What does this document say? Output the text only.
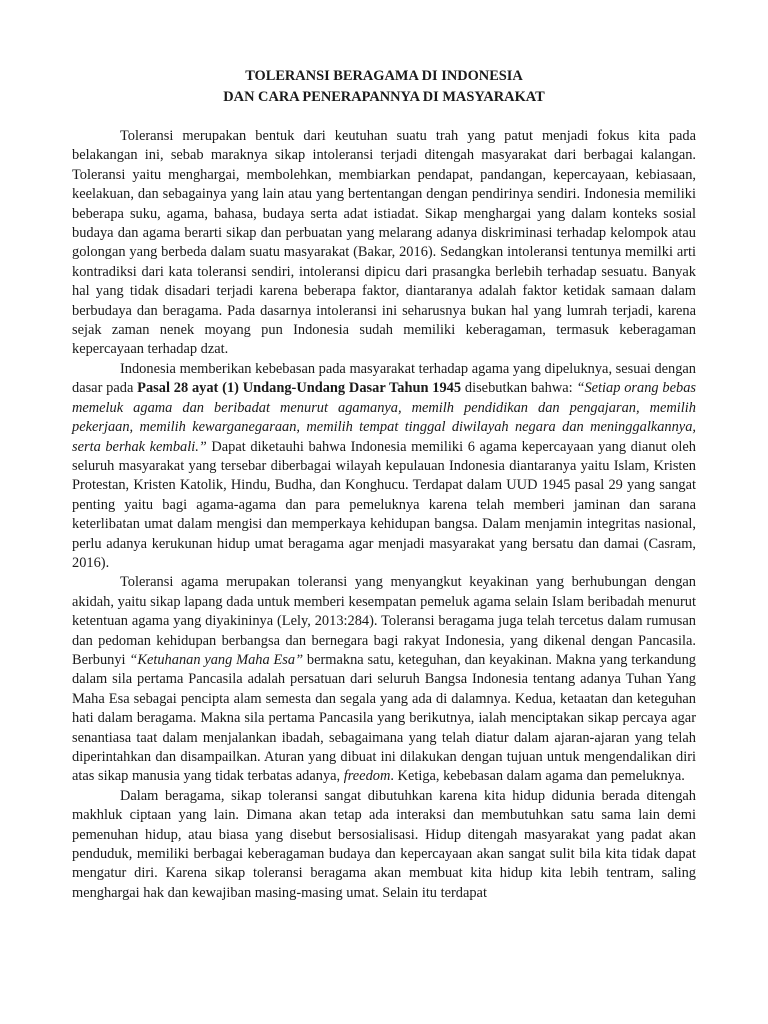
TOLERANSI BERAGAMA DI INDONESIA

DAN CARA PENERAPANNYA DI MASYARAKAT

Toleransi merupakan bentuk dari keutuhan suatu trah yang patut menjadi fokus kita pada belakangan ini, sebab maraknya sikap intoleransi terjadi ditengah masyarakat dari berbagai kalangan. Toleransi yaitu menghargai, membolehkan, membiarkan pendapat, pandangan, kepercayaan, kebiasaan, keelakuan, dan sebagainya yang lain atau yang bertentangan dengan pendirinya sendiri. Indonesia memiliki beberapa suku, agama, bahasa, budaya serta adat istiadat. Sikap menghargai yang dalam konteks sosial budaya dan agama berarti sikap dan perbuatan yang melarang adanya diskriminasi terhadap kelompok atau golongan yang berbeda dalam suatu masyarakat (Bakar, 2016). Sedangkan intoleransi tentunya memilki arti kontradiksi dari kata toleransi sendiri, intoleransi dipicu dari prasangka berlebih terhadap sesuatu. Banyak hal yang tidak disadari terjadi karena beberapa faktor, diantaranya adalah faktor ketidak samaan dalam berbudaya dan beragama. Pada dasarnya intoleransi ini seharusnya bukan hal yang lumrah terjadi, karena sejak zaman nenek moyang pun Indonesia sudah memiliki keberagaman, termasuk keberagaman kepercayaan terhadap dzat.

Indonesia memberikan kebebasan pada masyarakat terhadap agama yang dipeluknya, sesuai dengan dasar pada Pasal 28 ayat (1) Undang-Undang Dasar Tahun 1945 disebutkan bahwa: “Setiap orang bebas memeluk agama dan beribadat menurut agamanya, memilh pendidikan dan pengajaran, memilih pekerjaan, memilih kewarganegaraan, memilih tempat tinggal diwilayah negara dan meninggalkannya, serta berhak kembali.” Dapat diketauhi bahwa Indonesia memiliki 6 agama kepercayaan yang dianut oleh seluruh masyarakat yang tersebar diberbagai wilayah kepulauan Indonesia diantaranya yaitu Islam, Kristen Protestan, Kristen Katolik, Hindu, Budha, dan Konghucu. Terdapat dalam UUD 1945 pasal 29 yang sangat penting yaitu bagi agama-agama dan para pemeluknya karena telah memberi jaminan dan sarana keterlibatan umat dalam mengisi dan memperkaya kehidupan bangsa. Dalam menjamin integritas nasional, perlu adanya kerukunan hidup umat beragama agar menjadi masyarakat yang bersatu dan damai (Casram, 2016).

Toleransi agama merupakan toleransi yang menyangkut keyakinan yang berhubungan dengan akidah, yaitu sikap lapang dada untuk memberi kesempatan pemeluk agama selain Islam beribadah menurut ketentuan agama yang diyakininya (Lely, 2013:284). Toleransi beragama juga telah tercetus dalam rumusan dan pedoman kehidupan berbangsa dan bernegara bagi rakyat Indonesia, yang dikenal dengan Pancasila. Berbunyi “Ketuhanan yang Maha Esa” bermakna satu, keteguhan, dan keyakinan. Makna yang terkandung dalam sila pertama Pancasila adalah persatuan dari seluruh Bangsa Indonesia tentang adanya Tuhan Yang Maha Esa sebagai pencipta alam semesta dan segala yang ada di dalamnya. Kedua, ketaatan dan keteguhan hati dalam beragama. Makna sila pertama Pancasila yang berikutnya, ialah menciptakan sikap percaya agar senantiasa taat dalam menjalankan ibadah, sebagaimana yang telah diatur dalam ajaran-ajaran yang telah diperintahkan dan disampailkan. Aturan yang dibuat ini dilakukan dengan tujuan untuk mengendalikan diri atas sikap manusia yang tidak terbatas adanya, freedom. Ketiga, kebebasan dalam agama dan pemeluknya.

Dalam beragama, sikap toleransi sangat dibutuhkan karena kita hidup didunia berada ditengah makhluk ciptaan yang lain. Dimana akan tetap ada interaksi dan membutuhkan satu sama lain demi pemenuhan hidup, atau biasa yang disebut bersosialisasi. Hidup ditengah masyarakat yang padat akan penduduk, memiliki berbagai keberagaman budaya dan kepercayaan akan sangat sulit bila kita tidak dapat mengatur diri. Karena sikap toleransi beragama akan membuat kita hidup kita lebih tentram, saling menghargai hak dan kewajiban masing-masing umat. Selain itu terdapat
